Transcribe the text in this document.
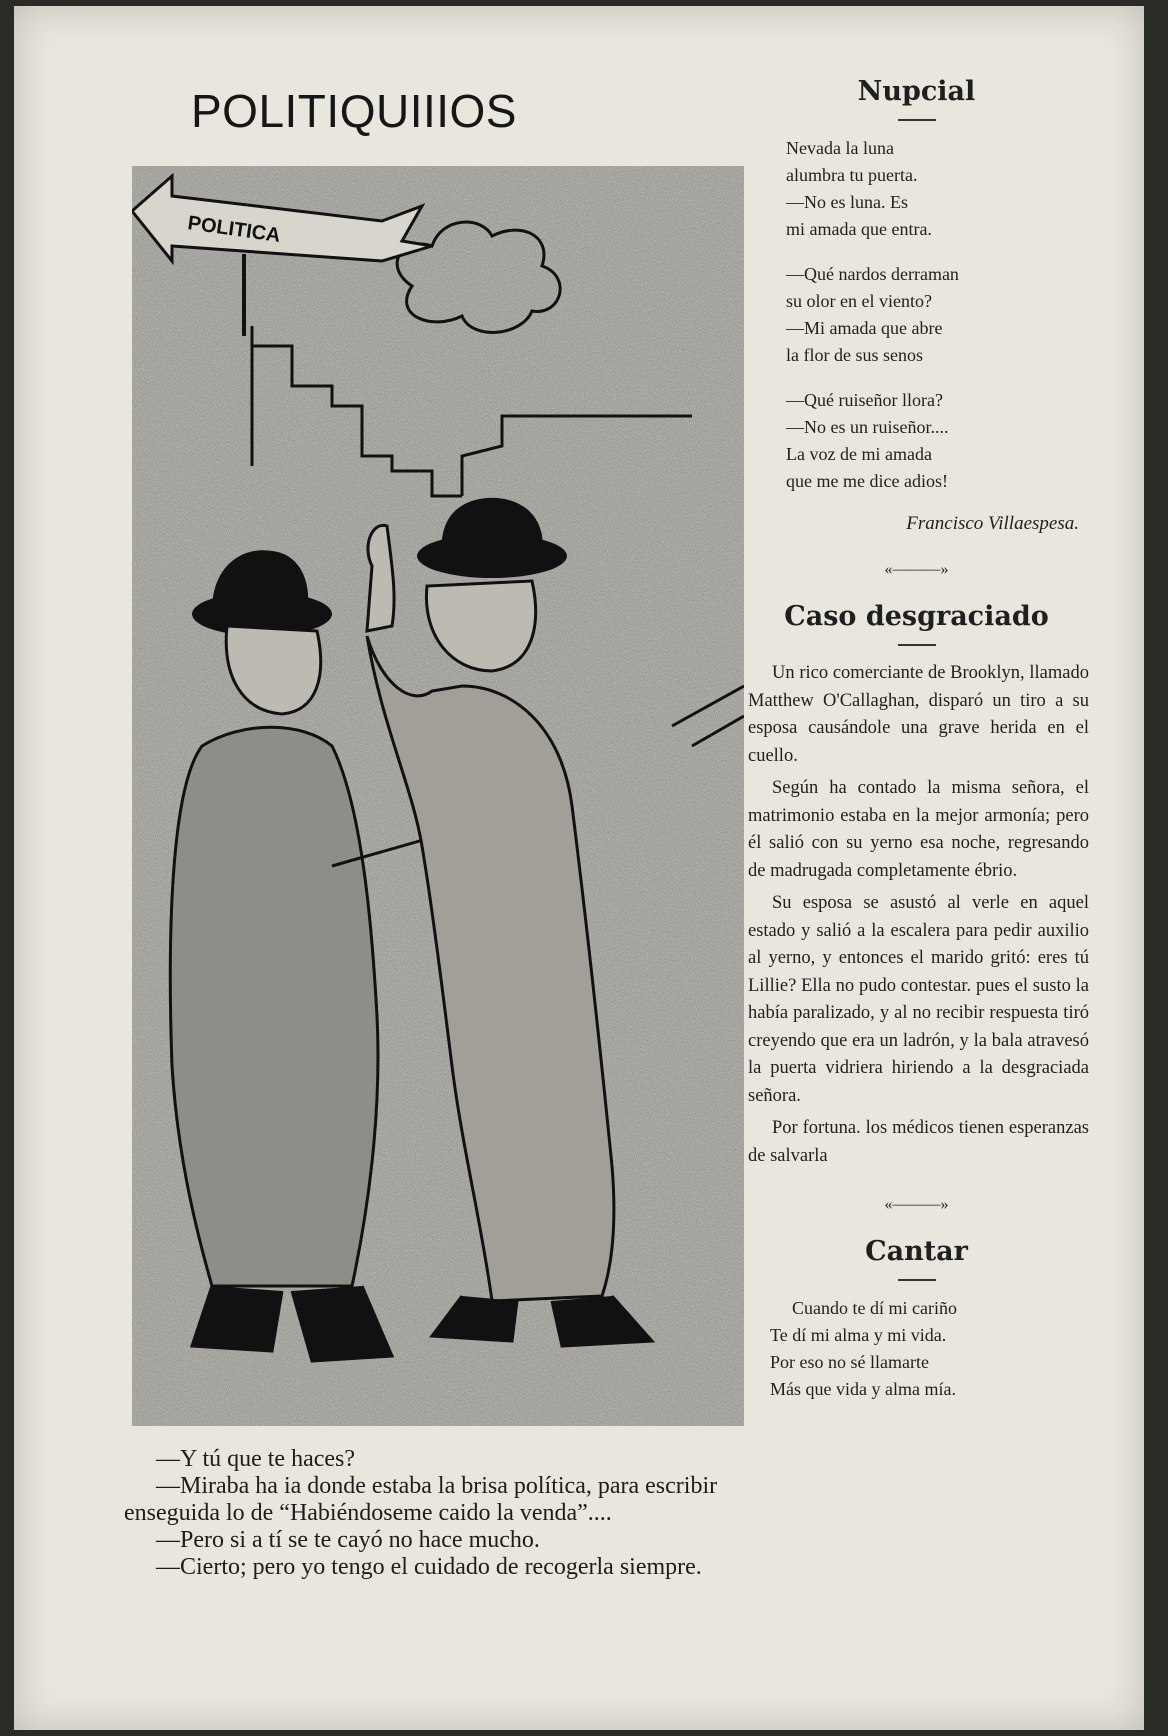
POLITIQUIIIOS
POLITICA

—Y tú que te haces?

—Miraba ha ia donde estaba la brisa política, para escribir enseguida lo de “Habiéndoseme caido la venda”....

—Pero si a tí se te cayó no hace mucho.

—Cierto; pero yo tengo el cuidado de recogerla siempre.

Nupcial
Nevada la luna
alumbra tu puerta.
—No es luna. Es
mi amada que entra.
—Qué nardos derraman
su olor en el viento?
—Mi amada que abre
la flor de sus senos
—Qué ruiseñor llora?
—No es un ruiseñor....
La voz de mi amada
que me me dice adios!
Francisco Villaespesa.
«———»
Caso desgraciado

Un rico comerciante de Brooklyn, llamado Matthew O'Callaghan, disparó un tiro a su esposa causándole una grave herida en el cuello.

Según ha contado la misma señora, el matrimonio estaba en la mejor armonía; pero él salió con su yerno esa noche, regresando de madrugada completamente ébrio.

Su esposa se asustó al verle en aquel estado y salió a la escalera para pedir auxilio al yerno, y entonces el marido gritó: eres tú Lillie? Ella no pudo contestar. pues el susto la había paralizado, y al no recibir respuesta tiró creyendo que era un ladrón, y la bala atravesó la puerta vidriera hiriendo a la desgraciada señora.

Por fortuna. los médicos tienen esperanzas de salvarla

«———»
Cantar
Cuando te dí mi cariño
Te dí mi alma y mi vida.
Por eso no sé llamarte
Más que vida y alma mía.
